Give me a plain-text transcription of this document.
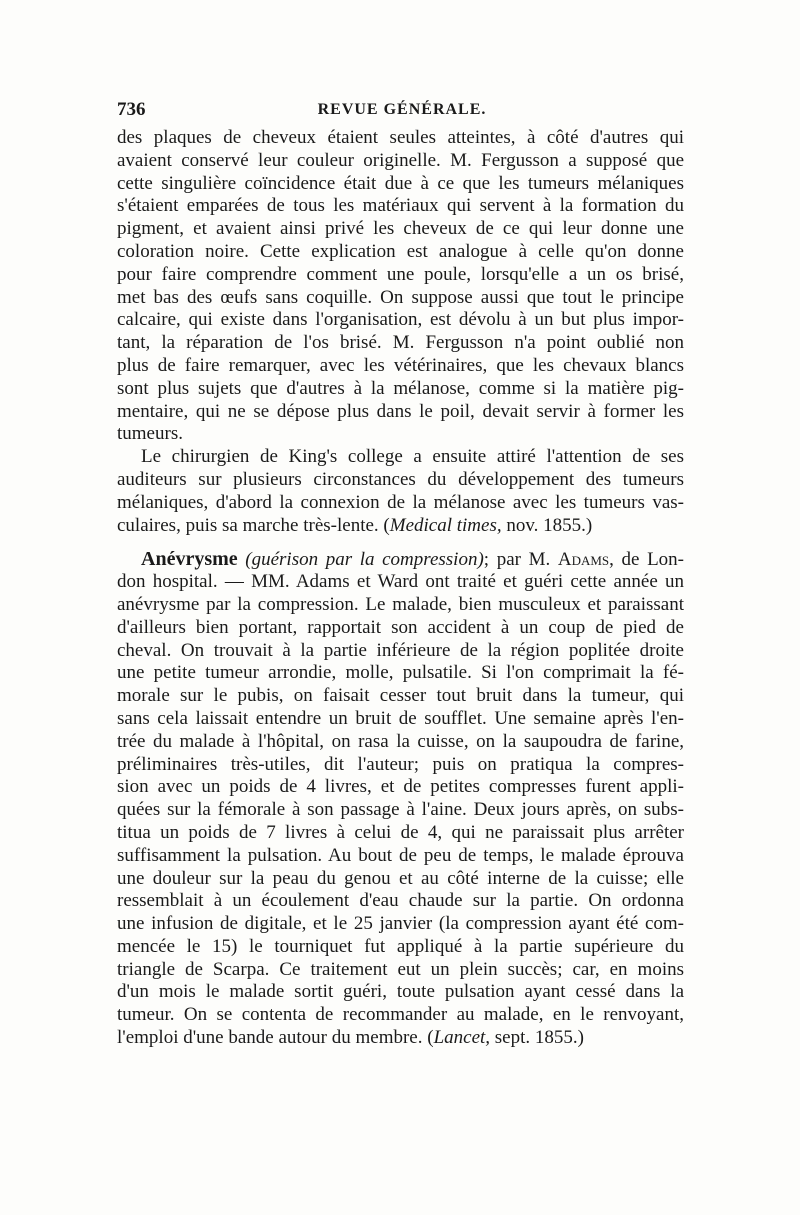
736	REVUE GÉNÉRALE.
des plaques de cheveux étaient seules atteintes, à côté d'autres qui
avaient conservé leur couleur originelle. M. Fergusson a supposé que
cette singulière coïncidence était due à ce que les tumeurs mélaniques
s'étaient emparées de tous les matériaux qui servent à la formation du
pigment, et avaient ainsi privé les cheveux de ce qui leur donne une
coloration noire. Cette explication est analogue à celle qu'on donne
pour faire comprendre comment une poule, lorsqu'elle a un os brisé,
met bas des œufs sans coquille. On suppose aussi que tout le principe
calcaire, qui existe dans l'organisation, est dévolu à un but plus impor-
tant, la réparation de l'os brisé. M. Fergusson n'a point oublié non
plus de faire remarquer, avec les vétérinaires, que les chevaux blancs
sont plus sujets que d'autres à la mélanose, comme si la matière pig-
mentaire, qui ne se dépose plus dans le poil, devait servir à former les
tumeurs.
Le chirurgien de King's college a ensuite attiré l'attention de ses
auditeurs sur plusieurs circonstances du développement des tumeurs
mélaniques, d'abord la connexion de la mélanose avec les tumeurs vas-
culaires, puis sa marche très-lente. (Medical times, nov. 1855.)
Anévrysme (guérison par la compression); par M. Adams, de Lon-
don hospital. — MM. Adams et Ward ont traité et guéri cette année un
anévrysme par la compression. Le malade, bien musculeux et paraissant
d'ailleurs bien portant, rapportait son accident à un coup de pied de
cheval. On trouvait à la partie inférieure de la région poplitée droite
une petite tumeur arrondie, molle, pulsatile. Si l'on comprimait la fé-
morale sur le pubis, on faisait cesser tout bruit dans la tumeur, qui
sans cela laissait entendre un bruit de soufflet. Une semaine après l'en-
trée du malade à l'hôpital, on rasa la cuisse, on la saupoudra de farine,
préliminaires très-utiles, dit l'auteur; puis on pratiqua la compres-
sion avec un poids de 4 livres, et de petites compresses furent appli-
quées sur la fémorale à son passage à l'aine. Deux jours après, on subs-
titua un poids de 7 livres à celui de 4, qui ne paraissait plus arrêter
suffisamment la pulsation. Au bout de peu de temps, le malade éprouva
une douleur sur la peau du genou et au côté interne de la cuisse; elle
ressemblait à un écoulement d'eau chaude sur la partie. On ordonna
une infusion de digitale, et le 25 janvier (la compression ayant été com-
mencée le 15) le tourniquet fut appliqué à la partie supérieure du
triangle de Scarpa. Ce traitement eut un plein succès; car, en moins
d'un mois le malade sortit guéri, toute pulsation ayant cessé dans la
tumeur. On se contenta de recommander au malade, en le renvoyant,
l'emploi d'une bande autour du membre. (Lancet, sept. 1855.)
